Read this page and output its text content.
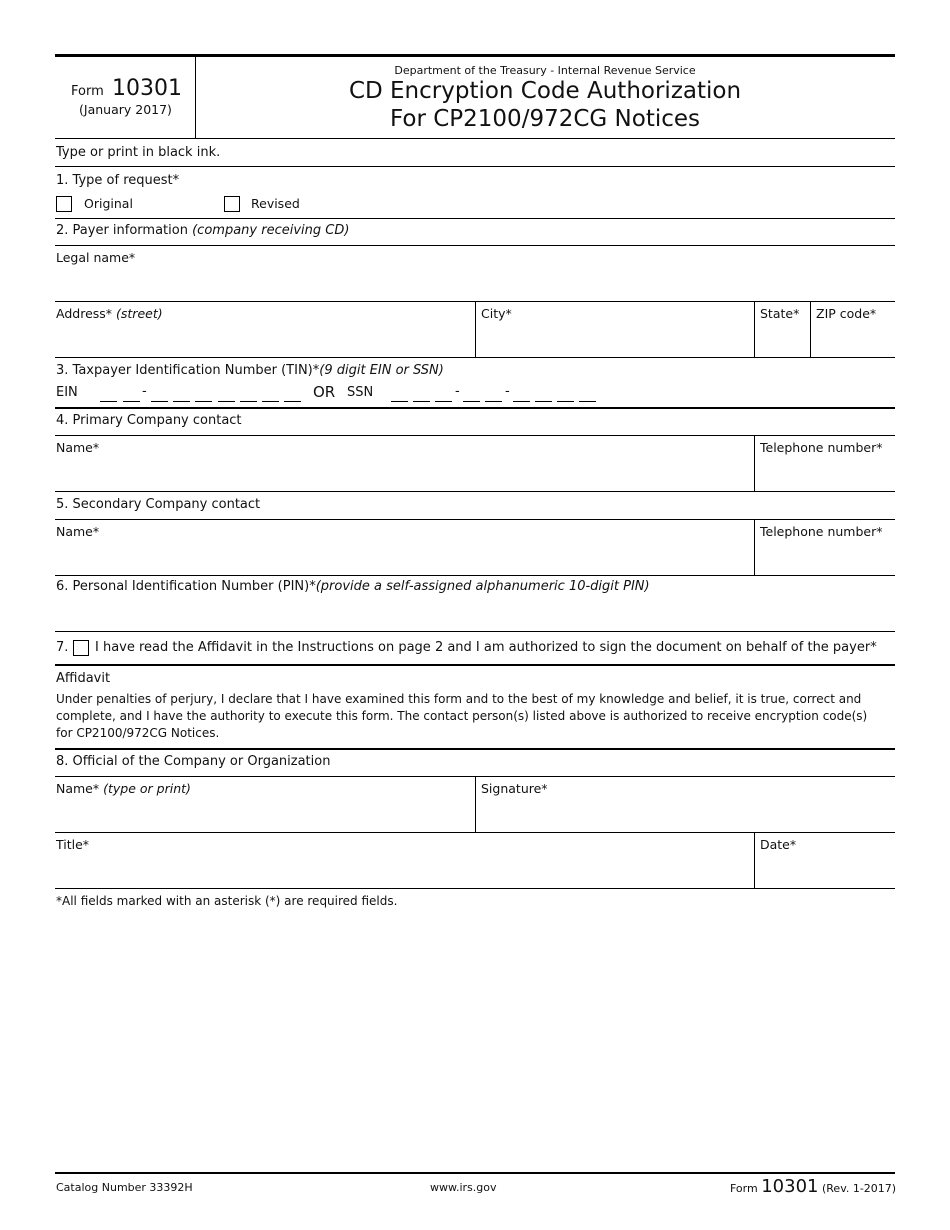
Form 10301
(January 2017)
Department of the Treasury - Internal Revenue Service
CD Encryption Code Authorization
For CP2100/972CG Notices
Type or print in black ink.
1. Type of request*
Original	Revised
2. Payer information (company receiving CD)
Legal name*
Address* (street)	City*	State* ZIP code*
3. Taxpayer Identification Number (TIN)*(9 digit EIN or SSN)
EIN	-	OR SSN	-	-
4. Primary Company contact
Name*	Telephone number*
5. Secondary Company contact
Name*	Telephone number*
6. Personal Identification Number (PIN)*(provide a self-assigned alphanumeric 10-digit PIN)
7. I have read the Affidavit in the Instructions on page 2 and I am authorized to sign the document on behalf of the payer*
Affidavit
Under penalties of perjury, I declare that I have examined this form and to the best of my knowledge and belief, it is true, correct and
complete, and I have the authority to execute this form. The contact person(s) listed above is authorized to receive encryption code(s)
for CP2100/972CG Notices.
8. Official of the Company or Organization
Name* (type or print)	Signature*
Title*	Date*
*All fields marked with an asterisk (*) are required fields.
Catalog Number 33392H	www.irs.gov	Form 10301 (Rev. 1-2017)
